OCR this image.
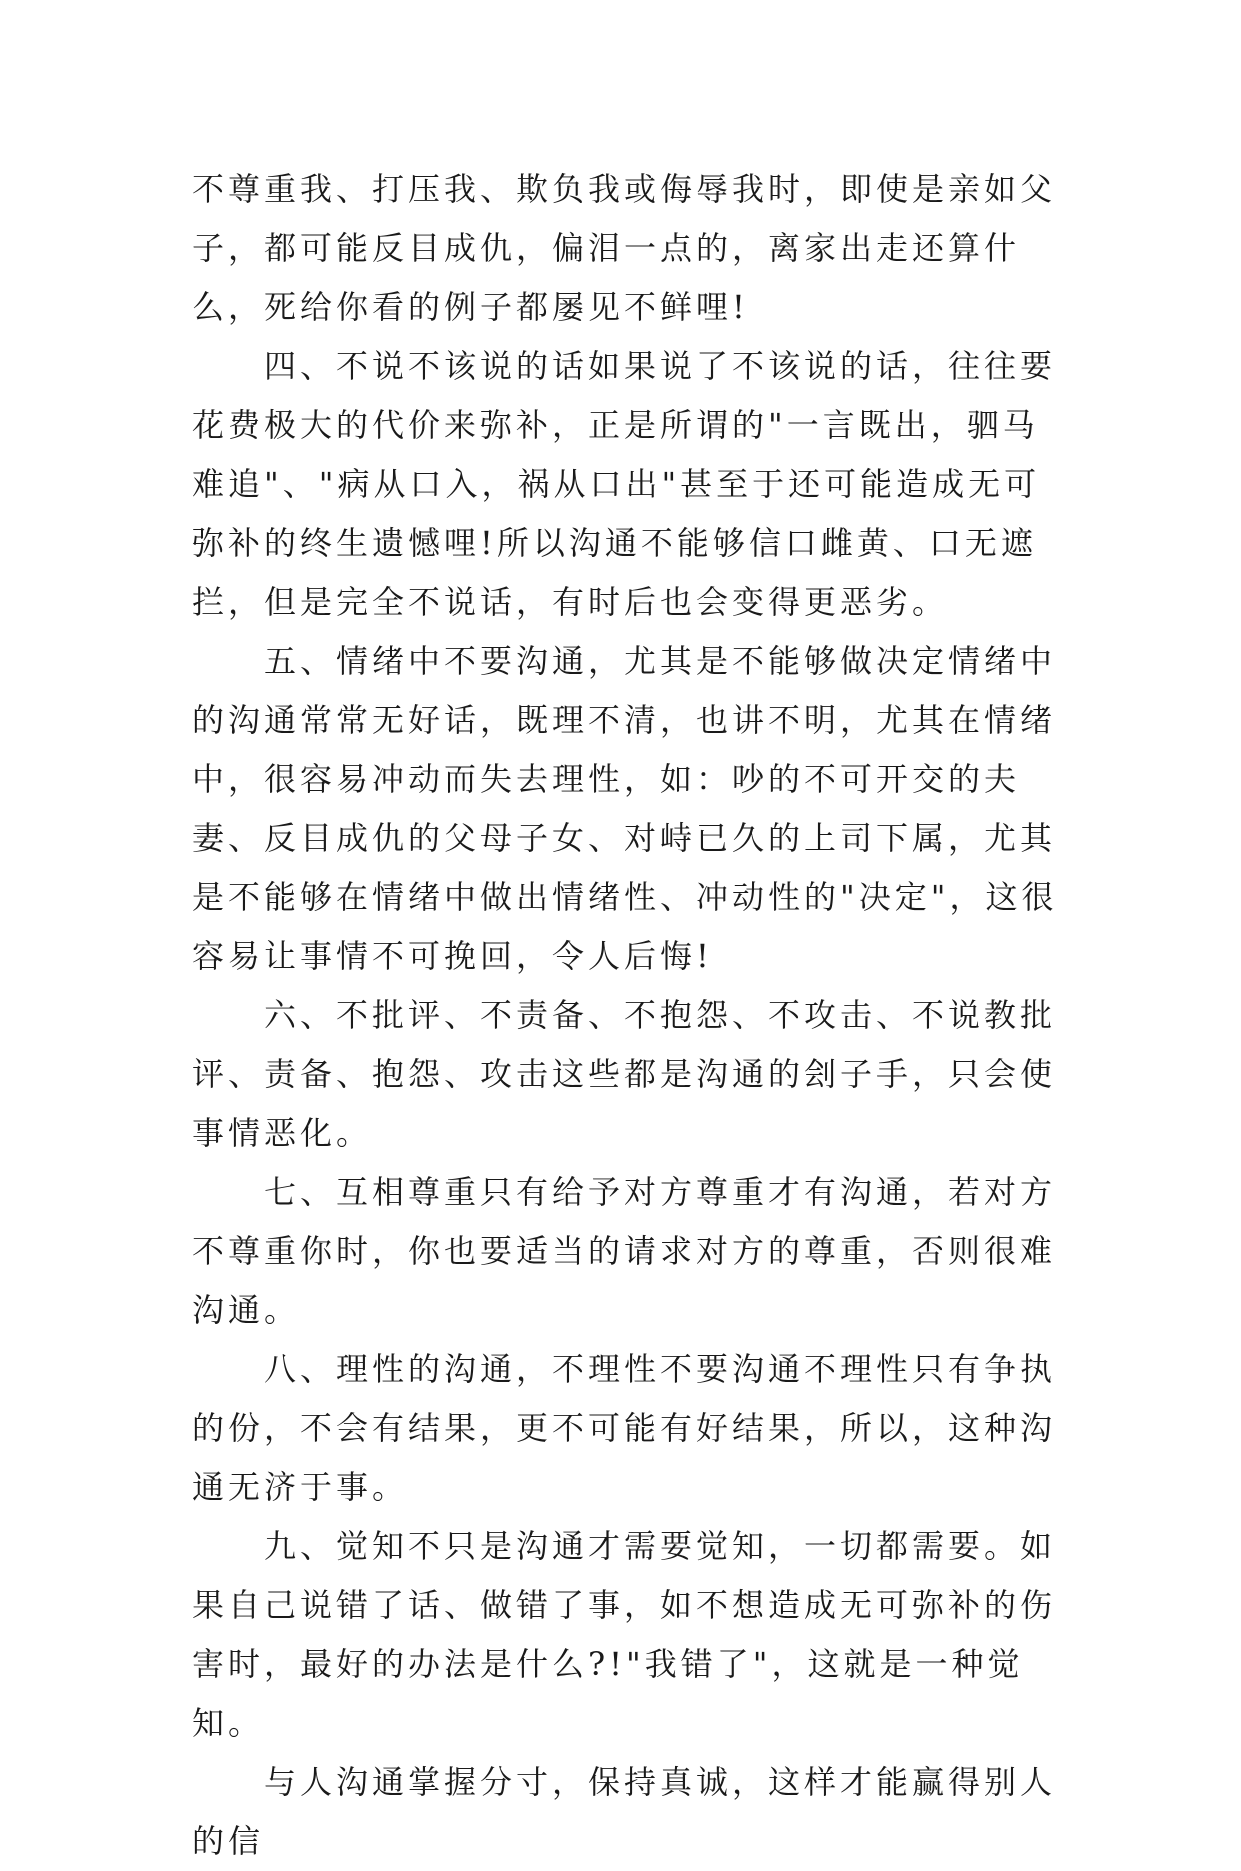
不尊重我、打压我、欺负我或侮辱我时，即使是亲如父子，都可能反目成仇，偏泪一点的，离家出走还算什么，死给你看的例子都屡见不鲜哩!

四、不说不该说的话如果说了不该说的话，往往要花费极大的代价来弥补，正是所谓的"一言既出，驷马难追"、"病从口入，祸从口出"甚至于还可能造成无可弥补的终生遗憾哩!所以沟通不能够信口雌黄、口无遮拦，但是完全不说话，有时后也会变得更恶劣。

五、情绪中不要沟通，尤其是不能够做决定情绪中的沟通常常无好话，既理不清，也讲不明，尤其在情绪中，很容易冲动而失去理性，如：吵的不可开交的夫妻、反目成仇的父母子女、对峙已久的上司下属，尤其是不能够在情绪中做出情绪性、冲动性的"决定"，这很容易让事情不可挽回，令人后悔!

六、不批评、不责备、不抱怨、不攻击、不说教批评、责备、抱怨、攻击这些都是沟通的刽子手，只会使事情恶化。

七、互相尊重只有给予对方尊重才有沟通，若对方不尊重你时，你也要适当的请求对方的尊重，否则很难沟通。

八、理性的沟通，不理性不要沟通不理性只有争执的份，不会有结果，更不可能有好结果，所以，这种沟通无济于事。

九、觉知不只是沟通才需要觉知，一切都需要。如果自己说错了话、做错了事，如不想造成无可弥补的伤害时，最好的办法是什么?!"我错了"，这就是一种觉知。

与人沟通掌握分寸，保持真诚，这样才能赢得别人的信
